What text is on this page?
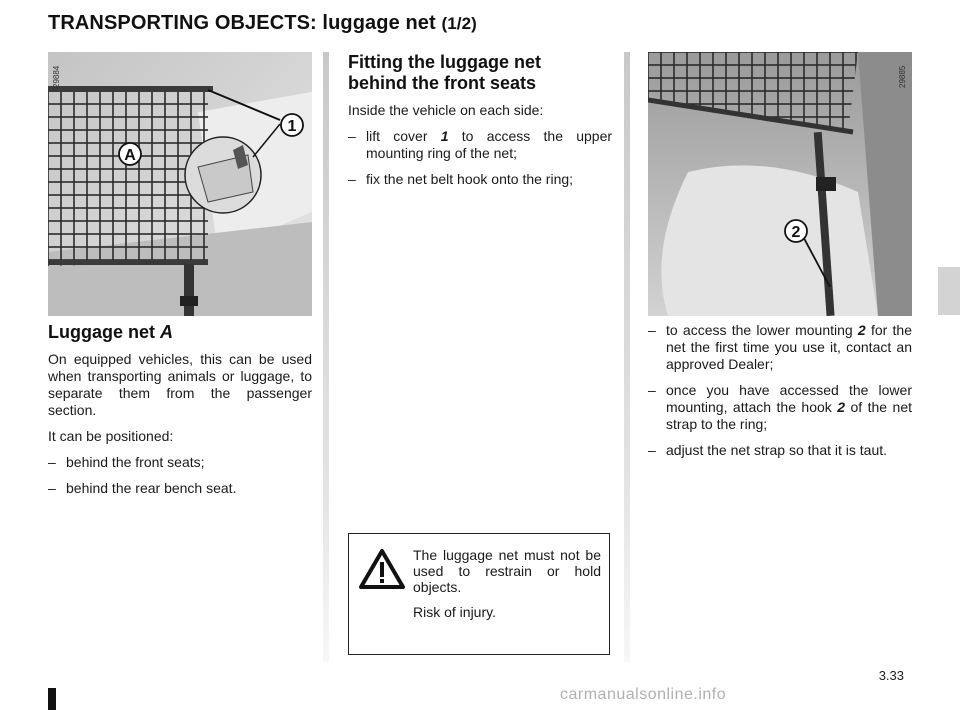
TRANSPORTING OBJECTS: luggage net (1/2)
29884
1
A
Luggage net A

On equipped vehicles, this can be used when transporting animals or luggage, to separate them from the passenger section.

It can be positioned:

– behind the front seats;
– behind the rear bench seat.
Fitting the luggage net
behind the front seats

Inside the vehicle on each side:

– lift cover 1 to access the upper mounting ring of the net;
– fix the net belt hook onto the ring;

The luggage net must not be used to restrain or hold objects.

Risk of injury.

29885
2
– to access the lower mounting 2 for the net the first time you use it, contact an approved Dealer;
– once you have accessed the lower mounting, attach the hook 2 of the net strap to the ring;
– adjust the net strap so that it is taut.
3.33
carmanualsonline.info
